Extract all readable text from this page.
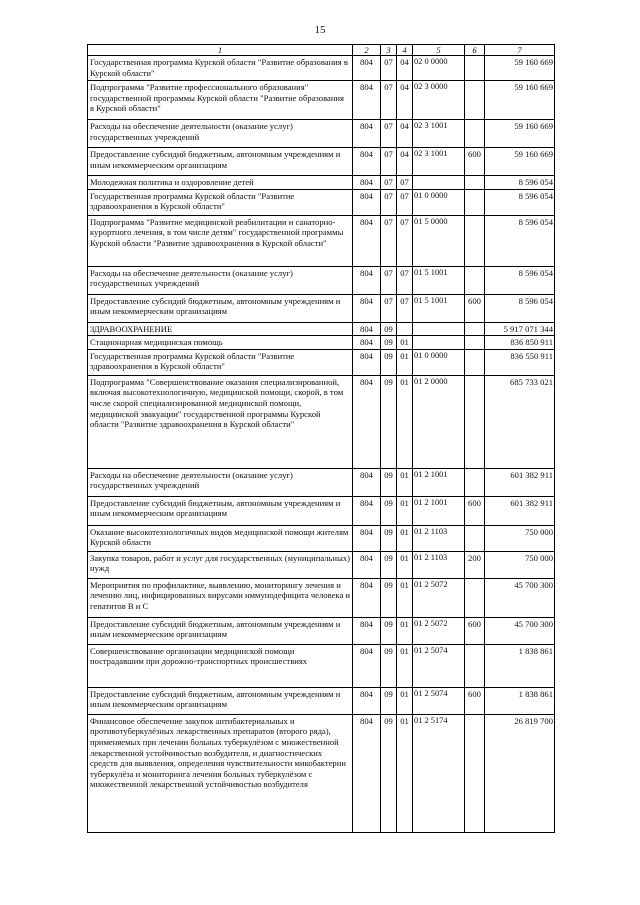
15
1	2	3	4	5	6	7
Государственная программа Курской области "Развитие образования в Курской области"	804	07	04	02 0 0000		59 160 669
Подпрограмма "Развитие профессионального образования" государственной программы Курской области "Развитие образования в Курской области"	804	07	04	02 3 0000		59 160 669
Расходы на обеспечение деятельности (оказание услуг) государственных учреждений	804	07	04	02 3 1001		59 160 669
Предоставление субсидий бюджетным, автономным учреждениям и иным некоммерческим организациям	804	07	04	02 3 1001	600	59 160 669
Молодежная политика и оздоровление детей	804	07	07			8 596 054
Государственная программа Курской области "Развитие здравоохранения в Курской области"	804	07	07	01 0 0000		8 596 054
Подпрограмма "Развитие медицинской реабилитации и санаторно-курортного лечения, в том числе детям" государственной программы Курской области "Развитие здравоохранения в Курской области"	804	07	07	01 5 0000		8 596 054
Расходы на обеспечение деятельности (оказание услуг) государственных учреждений	804	07	07	01 5 1001		8 596 054
Предоставление субсидий бюджетным, автономным учреждениям и иным некоммерческим организациям	804	07	07	01 5 1001	600	8 596 054
ЗДРАВООХРАНЕНИЕ	804	09				5 917 071 344
Стационарная медицинская помощь	804	09	01			836 850 911
Государственная программа Курской области "Развитие здравоохранения в Курской области"	804	09	01	01 0 0000		836 550 911
Подпрограмма "Совершенствование оказания специализированной, включая высокотехнологичную, медицинской помощи, скорой, в том числе скорой специализированной медицинской помощи, медицинской эвакуации" государственной программы Курской области "Развитие здравоохранения в Курской области"	804	09	01	01 2 0000		685 733 021
Расходы на обеспечение деятельности (оказание услуг) государственных учреждений	804	09	01	01 2 1001		601 382 911
Предоставление субсидий бюджетным, автономным учреждениям и иным некоммерческим организациям	804	09	01	01 2 1001	600	601 382 911
Оказание высокотехнологичных видов медицинской помощи жителям Курской области	804	09	01	01 2 1103		750 000
Закупка товаров, работ и услуг для государственных (муниципальных) нужд	804	09	01	01 2 1103	200	750 000
Мероприятия по профилактике, выявлению, мониторингу лечения и лечению лиц, инфицированных вирусами иммунодефицита человека и гепатитов В и С	804	09	01	01 2 5072		45 700 300
Предоставление субсидий бюджетным, автономным учреждениям и иным некоммерческим организациям	804	09	01	01 2 5072	600	45 700 300
Совершенствование организации медицинской помощи пострадавшим при дорожно-транспортных происшествиях	804	09	01	01 2 5074		1 838 861
Предоставление субсидий бюджетным, автономным учреждениям и иным некоммерческим организациям	804	09	01	01 2 5074	600	1 838 861
Финансовое обеспечение закупок антибактериальных и противотуберкулёзных лекарственных препаратов (второго ряда), применяемых при лечении больных туберкулёзом с множественной лекарственной устойчивостью возбудителя, и диагностических средств для выявления, определения чувствительности микобактерии туберкулёза и мониторинга лечения больных туберкулёзом с множественной лекарственной устойчивостью возбудителя	804	09	01	01 2 5174		26 819 700
